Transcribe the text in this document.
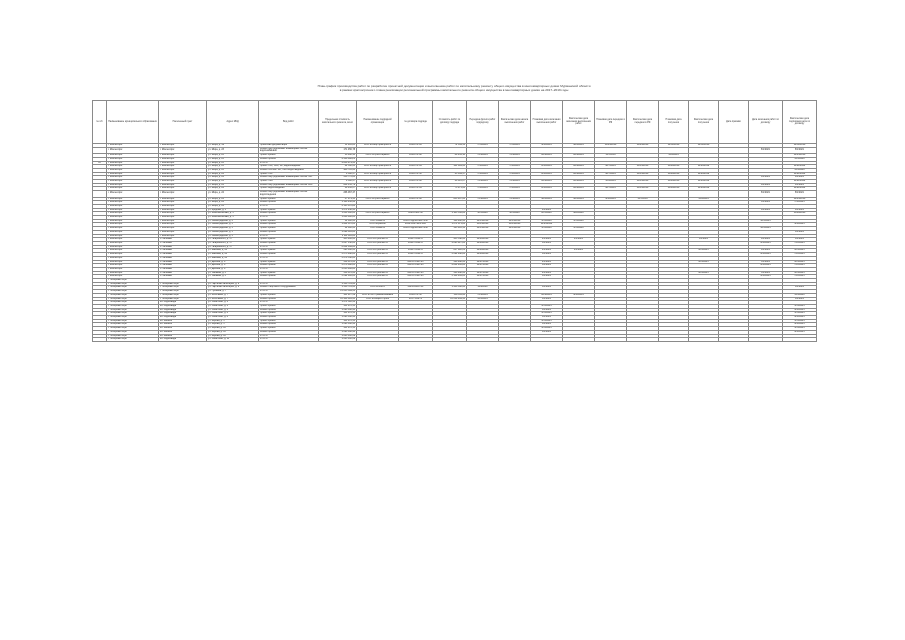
План-график производства работ по разработке проектной документации и выполнению работ по капитальному ремонту общего имущества в многоквартирных домах Мурманской области
в рамках краткосрочного плана реализации региональной программы капитального ремонта общего имущества в многоквартирных домах на 2017–2019 годы
№ п/п	Наименование муниципального образования	Населенный пункт	Адрес МКД	Вид работ	Предельная стоимость капитального ремонта, всего	Наименование подрядной организации	№ договора подряда	Стоимость работ по договору подряда	Передача фронта работ подрядчику	Фактическая дата начала выполнения работ	Плановая дата окончания выполнения работ	Фактическая дата окончания выполнения работ	Плановая дата передачи в РФ	Фактическая дата передачи в РФ	Плановая дата получения	Фактическая дата получения	Дата приёмки	Дата окончания работ по договору	Фактическая дата подписания акта по договору
	г. Мончегорск	г. Мончегорск	ул. Мира, д. 19	Проектная документация	11 485,00	ООО «Спецстройпроект»	2019-ПР-46	72 339,56	7/31/2019	7/31/2019	9/30/2019	9/24/2019	10/25/2019	10/25/2019	12/31/2019	12/31/2019			12/31/2019
	г. Мончегорск	г. Мончегорск	ул. Мира, д. 23	Ремонт внутридомовых инженерных систем водоснабжения	171 456,78													6/1/2021	8/1/2021
	г. Мончегорск	г. Мончегорск	ул. Мира, д. 23	Проект кровли	16 960,44	ООО «Строй-Сервис»	2019-ПР-48	88 441,10	7/29/2019	7/29/2019	8/29/2019	8/29/2019	11/7/2019		12/2/2019				12/25/2019
	г. Мончегорск	г. Мончегорск	ул. Мира, д. 23	Ремонт кровли	2 348 096,22														12/1/2020
10	г. Мончегорск	г. Мончегорск	ул. Мира, д. 23	ИТОГО	4 800 479,45														
	г. Мончегорск	г. Мончегорск	ул. Мира, д. 23	Проект ГВС, ХВС, ЭЛ, водоотведения	22 560,00	ООО «Спецстройпроект»	2019-ПР-49	161 809,60	7/30/2019	7/30/2019	8/30/2019	8/29/2019	9/27/2019	10/15/2019	10/28/2019	11/26/2019			11/21/2020
	г. Мончегорск	г. Мончегорск	ул. Мира, д. 23	Ремонт систем ГВС, ХВС водоотведения	986 716,00														12/1/2020
	г. Мончегорск	г. Мончегорск	ул. Мира, д. 24	Проект ГВС	9 380,47	ООО «Спецстройпроект»	2019-ПР-50	65 639,37	7/30/2019	7/30/2019	8/30/2019	8/29/2019	9/27/2019	10/15/2019	10/28/2019	11/26/2019			11/21/2020
	г. Мончегорск	г. Мончегорск	ул. Мира, д. 24	Ремонт внутридомовых инженерных систем ГВС	336 776,80													6/1/2021	8/1/2021
	г. Мончегорск	г. Мончегорск	ул. Мира, д. 24	Проект ХВС	9 380,47	ООО «Спецстройпроект»	2019-ПР-48	66 015,27	7/29/2019	7/29/2019	8/29/2019	8/29/2019	10/4/2019	10/15/2019	10/29/2019	11/26/2019			11/21/2020
	г. Мончегорск	г. Мончегорск	ул. Мира, д. 24	Ремонт внутридомовых инженерных систем ХВС	289 153,79													6/1/2021	8/1/2021
	г. Мончегорск	г. Мончегорск	ул. Мира, д. 24	Проект водоотведения	19 443,27	ООО «Спецстройпроект»	2019-ПР-49	75 471,00	7/30/2019	7/30/2019	8/30/2019	8/29/2019	9/27/2019	10/15/2019	10/28/2019	11/26/2019			11/21/2020
	г. Мончегорск	г. Мончегорск	ул. Мира, д. 24	Ремонт внутридомовых инженерных систем водоотведения	266 067,47													6/1/2021	8/1/2021
	г. Мончегорск	г. Мончегорск	ул. Мира, д. 24	Проект кровли	37 479,30	ООО «Строй-Сервис»	2019-ПР-48	203 487,00	7/29/2019	7/29/2019	9/24/2019	9/24/2019	9/30/2019	11/7/2019		12/2/2019			12/25/2019
	г. Мончегорск	г. Мончегорск	ул. Мира, д. 24	Ремонт кровли	1 120 236,96													3/1/2021	7/30/2021
	г. Мончегорск	г. Мончегорск	ул. Мира, д. 24	ИТОГО	2 125 078,88														
	г. Мончегорск	г. Мончегорск	ул. Бредова, д. 3	Проект крыши	1 671 258,30						4/1/2021							6/1/2021	8/1/2021
	г. Мончегорск	г. Мончегорск	ул. Комсомольская, д. 5	Ремонт кровли	1 260 000,00	ООО «Строй-Сервис»	2020-СМР-30	1 185 543,00	5/15/2020	5/15/2020	8/15/2020	9/28/2020							10/28/2020
	г. Мончегорск	г. Мончегорск	ул. Комсомольская, д. 5	ИТОГО	1 260 000,00														
	г. Мончегорск	г. Мончегорск	ул. Ленинградская, д. 3	Проект кровли	12 000,00	ООО «Зенит»	2019-ПСД/ЭК-ФКР-258	128 288,60	12/15/2019	12/15/2019	1/31/2020	1/31/2020						1/25/2021	
	г. Мончегорск	г. Мончегорск	ул. Ленинградская, д. 3	Ремонт кровли	1 284 672,00	ООО «Кровля»	2020-СМР-ФКР-228	1 271 871,00	10/15/2020	10/15/2020	11/25/2020								4/30/2021
	г. Мончегорск	г. Мончегорск	ул. Ленинградская, д. 5	Проект кровли	12 000,00	ООО «Зенит»	2019-ПСД/ЭК-ФКР-258	125 905,41	12/15/2019	12/15/2019	1/31/2020	1/31/2020						1/25/2021	
	г. Мончегорск	г. Мончегорск	ул. Ленинградская, д. 5	Ремонт кровли	1 099 605,00														6/1/2021
	г. Мончегорск	г. Мончегорск	ул. Ленинградская, д. 5	ИТОГО	1 111 605,00														
	г. Мончегорск	п. Зеленый	ул. Гагаринского, д. 17	Проект крыши	405 486,00	ООО «Стройтекст»	2021-ПСМР-2	405 548,00	12/20/2020		2/1/2021	2/1/2021				6/1/2021		6/1/2021	6/1/2021
	г. Мончегорск	п. Зеленый	ул. Гагаринского, д. 17	Ремонт крыши	5 827 158,00	ООО «Стройтекст»	2021-ПСМР-2	4 895 427,00	12/20/2020		6/1/2021							6/30/2021	7/20/2021
	г. Мончегорск	п. Зеленый	ул. Гагаринского, д. 17	ИТОГО	6 232 644,00														
	г. Мончегорск	п. Зеленый	ул. Байкова, д. 64	Проект крыши	395 060,00	ООО «Стройтекст»	2021-ПСМР-2	237 918,21	12/20/2020		2/1/2021	2/1/2021				6/14/2021		6/1/2021	6/14/2021
	г. Мончегорск	п. Зеленый	ул. Байкова, д. 64	Ремонт крыши	3 275 498,00	ООО «Стройтекст»	2021-ПСМР-2	3 094 468,00	12/20/2020		6/1/2021							6/30/2021	7/20/2021
	г. Мончегорск	п. Зеленый	ул. Байкова, д. 64	ИТОГО	3 670 558,00														
	г. Мончегорск	п. Зеленый	ул. Дыбина, д. 6	Проект крыши	539 876,00	ООО «Стройтекст»	2021-ПСМР-23	526 298,00	12/27/2020		2/1/2021					6/14/2021		5/1/2021	6/14/2021
	г. Мончегорск	п. Зеленый	ул. Дыбина, д. 6	Ремонт крыши	3 276 090,00	ООО «Стройтекст»	2021-ПСМР-23	2 844 263,00	12/27/2020		6/1/2021							6/30/2021	7/20/2021
	г. Мончегорск	п. Зеленый	ул. Дыбина, д. 6	ИТОГО	3 815 966,00														
	г. Мончегорск	п. Зеленый	ул. Чапаева, д. 5	Проект крыши	539 876,00	ООО «Стройтекст»	2021-ПСМР-23	526 298,00	12/27/2020		2/1/2021					6/14/2021		5/1/2021	6/14/2021
	г. Мончегорск	п. Зеленый	ул. Чапаева, д. 5	Ремонт крыши	3 292 906,00	ООО «Стройтекст»	2021-ПСМР-23	3 169 294,00	12/27/2020		6/1/2021							6/30/2021	7/20/2021
	г. Полярные Зори																		
	г. Полярные Зори	г. Полярные Зори	ул. Партизан Заполярья, д. 9	ИТОГО	1 536 714,60														
	г. Полярные Зори	г. Полярные Зори	ул. Партизан Заполярья, д. 9	Ремонт лифтового оборудования	1 536 714,60	ООО «ЛИФТ»	2021-СМРЛ-10	1 436 360,60	11/1/2020		6/1/2021								6/1/2021
	г. Полярные Зори	г. Полярные Зори	ул. Пушкина, д. 7	ИТОГО	15 235 399,41														
	г. Полярные Зори	г. Полярные Зори	ул. Котельная, д. 7	Проект кровли	141 217,39	ООО «ПСК Промышленный»	2019-ПР-50	180 011,20	7/29/2019		8/29/2019	9/30/2019							12/1/2020
	г. Полярные Зори	г. Полярные Зори	ул. Котельная, д. 7	Ремонт кровли	10 969 891,93	ООО «Альфа-Строй»	2017-СМР-6	10 019 299,10	12/1/2019		6/1/2021								6/1/2021
	г. Полярные Зори	нп. Африканда	ул. Советская, д. 6	ИТОГО	1 671 518,14														
	г. Полярные Зори	нп. Африканда	ул. Советская, д. 6	Проект кровли	131 470,55						3/31/2021								5/31/2021
	г. Полярные Зори	нп. Африканда	ул. Советская, д. 6	Ремонт кровли	1 093 632,44						6/1/2021								9/30/2021
	г. Полярные Зори	нп. Африканда	ул. Советская, д. 8	Проект кровли	131 470,55						3/31/2021								5/31/2021
	г. Полярные Зори	нп. Африканда	ул. Советская, д. 8	Ремонт кровли	1 093 632,44						6/1/2021								9/30/2021
	г. Полярные Зори	нп. Зашеек	ул. Кирова, д. 5	Проект кровли	131 470,55						3/31/2021								5/31/2021
	г. Полярные Зори	нп. Зашеек	ул. Кирова, д. 5	Ремонт кровли	1 093 632,44						6/1/2021								9/30/2021
	г. Полярные Зори	нп. Зашеек	ул. Кирова, д. 10	Проект кровли	131 470,55						3/31/2021								5/31/2021
	г. Полярные Зори	нп. Зашеек	ул. Кирова, д. 10	Ремонт кровли	1 093 632,44						6/1/2021								9/30/2021
	г. Полярные Зори	нп. Зашеек	ул. Кирова, д. 10	ИТОГО	1 225 102,99														
	г. Полярные Зори	нп. Африканда	ул. Советская, д. 11	ИТОГО	1 225 102,99														
